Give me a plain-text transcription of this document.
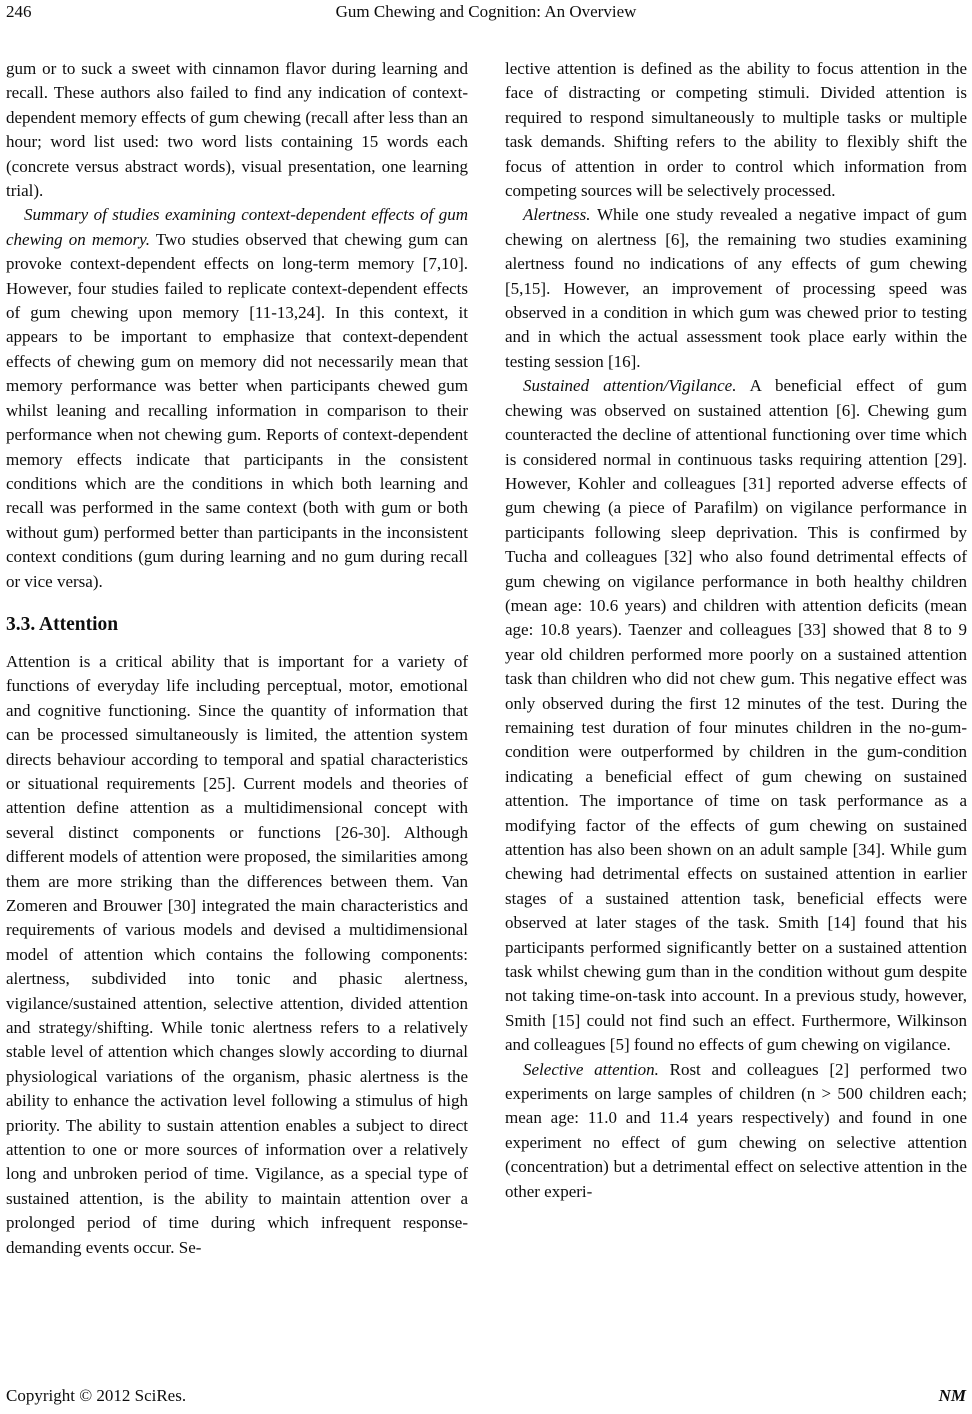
Gum Chewing and Cognition: An Overview
246

gum or to suck a sweet with cinnamon flavor during learning and recall. These authors also failed to find any indication of context-dependent memory effects of gum chewing (recall after less than an hour; word list used: two word lists containing 15 words each (concrete versus abstract words), visual presentation, one learning trial).

Summary of studies examining context-dependent effects of gum chewing on memory. Two studies observed that chewing gum can provoke context-dependent effects on long-term memory [7,10]. However, four studies failed to replicate context-dependent effects of gum chewing upon memory [11-13,24]. In this context, it appears to be important to emphasize that context-dependent effects of chewing gum on memory did not necessarily mean that memory performance was better when participants chewed gum whilst leaning and recalling information in comparison to their performance when not chewing gum. Reports of context-dependent memory effects indicate that participants in the consistent conditions which are the conditions in which both learning and recall was performed in the same context (both with gum or both without gum) performed better than participants in the inconsistent context conditions (gum during learning and no gum during recall or vice versa).

3.3. Attention

Attention is a critical ability that is important for a variety of functions of everyday life including perceptual, motor, emotional and cognitive functioning. Since the quantity of information that can be processed simultaneously is limited, the attention system directs behaviour according to temporal and spatial characteristics or situational requirements [25]. Current models and theories of attention define attention as a multidimensional concept with several distinct components or functions [26-30]. Although different models of attention were proposed, the similarities among them are more striking than the differences between them. Van Zomeren and Brouwer [30] integrated the main characteristics and requirements of various models and devised a multidimensional model of attention which contains the following components: alertness, subdivided into tonic and phasic alertness, vigilance/sustained attention, selective attention, divided attention and strategy/shifting. While tonic alertness refers to a relatively stable level of attention which changes slowly according to diurnal physiological variations of the organism, phasic alertness is the ability to enhance the activation level following a stimulus of high priority. The ability to sustain attention enables a subject to direct attention to one or more sources of information over a relatively long and unbroken period of time. Vigilance, as a special type of sustained attention, is the ability to maintain attention over a prolonged period of time during which infrequent response-demanding events occur. Se-

lective attention is defined as the ability to focus attention in the face of distracting or competing stimuli. Divided attention is required to respond simultaneously to multiple tasks or multiple task demands. Shifting refers to the ability to flexibly shift the focus of attention in order to control which information from competing sources will be selectively processed.

Alertness. While one study revealed a negative impact of gum chewing on alertness [6], the remaining two studies examining alertness found no indications of any effects of gum chewing [5,15]. However, an improvement of processing speed was observed in a condition in which gum was chewed prior to testing and in which the actual assessment took place early within the testing session [16].

Sustained attention/Vigilance. A beneficial effect of gum chewing was observed on sustained attention [6]. Chewing gum counteracted the decline of attentional functioning over time which is considered normal in continuous tasks requiring attention [29]. However, Kohler and colleagues [31] reported adverse effects of gum chewing (a piece of Parafilm) on vigilance performance in participants following sleep deprivation. This is confirmed by Tucha and colleagues [32] who also found detrimental effects of gum chewing on vigilance performance in both healthy children (mean age: 10.6 years) and children with attention deficits (mean age: 10.8 years). Taenzer and colleagues [33] showed that 8 to 9 year old children performed more poorly on a sustained attention task than children who did not chew gum. This negative effect was only observed during the first 12 minutes of the test. During the remaining test duration of four minutes children in the no-gum-condition were outperformed by children in the gum-condition indicating a beneficial effect of gum chewing on sustained attention. The importance of time on task performance as a modifying factor of the effects of gum chewing on sustained attention has also been shown on an adult sample [34]. While gum chewing had detrimental effects on sustained attention in earlier stages of a sustained attention task, beneficial effects were observed at later stages of the task. Smith [14] found that his participants performed significantly better on a sustained attention task whilst chewing gum than in the condition without gum despite not taking time-on-task into account. In a previous study, however, Smith [15] could not find such an effect. Furthermore, Wilkinson and colleagues [5] found no effects of gum chewing on vigilance.

Selective attention. Rost and colleagues [2] performed two experiments on large samples of children (n > 500 children each; mean age: 11.0 and 11.4 years respectively) and found in one experiment no effect of gum chewing on selective attention (concentration) but a detrimental effect on selective attention in the other experi-

Copyright © 2012 SciRes.	NM
